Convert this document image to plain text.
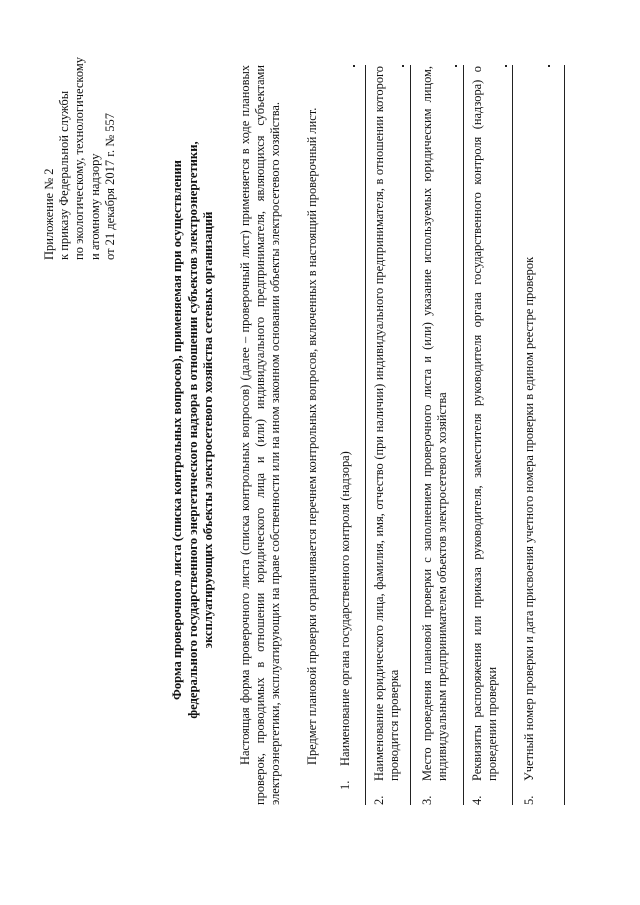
Приложение № 2 к приказу Федеральной службы по экологическому, технологическому и атомному надзору от 21 декабря 2017 г. № 557	Форма проверочного листа (списка контрольных вопросов), применяемая при осуществлении федерального государственного энергетического надзора в отношении субъектов электроэнергетики, эксплуатирующих объекты электросетевого хозяйства сетевых организаций Настоящая форма проверочного листа (списка контрольных вопросов) (далее – проверочный лист) применяется в ходе плановых проверок, проводимых в отношении юридического лица и (или) индивидуального предпринимателя, являющихся субъектами электроэнергетики, эксплуатирующих на праве собственности или на ином законном основании объекты электросетевого хозяйства. Предмет плановой проверки ограничивается перечнем контрольных вопросов, включенных в настоящий проверочный лист.
1.Наименование органа государственного контроля (надзора)
2.Наименование юридического лица, фамилия, имя, отчество (при наличии) индивидуального предпринимателя, в отношении которого проводится проверка
3.Место проведения плановой проверки с заполнением проверочного листа и (или) указание используемых юридическим лицом, индивидуальным предпринимателем объектов электросетевого хозяйства
4.Реквизиты распоряжения или приказа руководителя, заместителя руководителя органа государственного контроля (надзора) о проведении проверки
5.Учетный номер проверки и дата присвоения учетного номера проверки в едином реестре проверок
